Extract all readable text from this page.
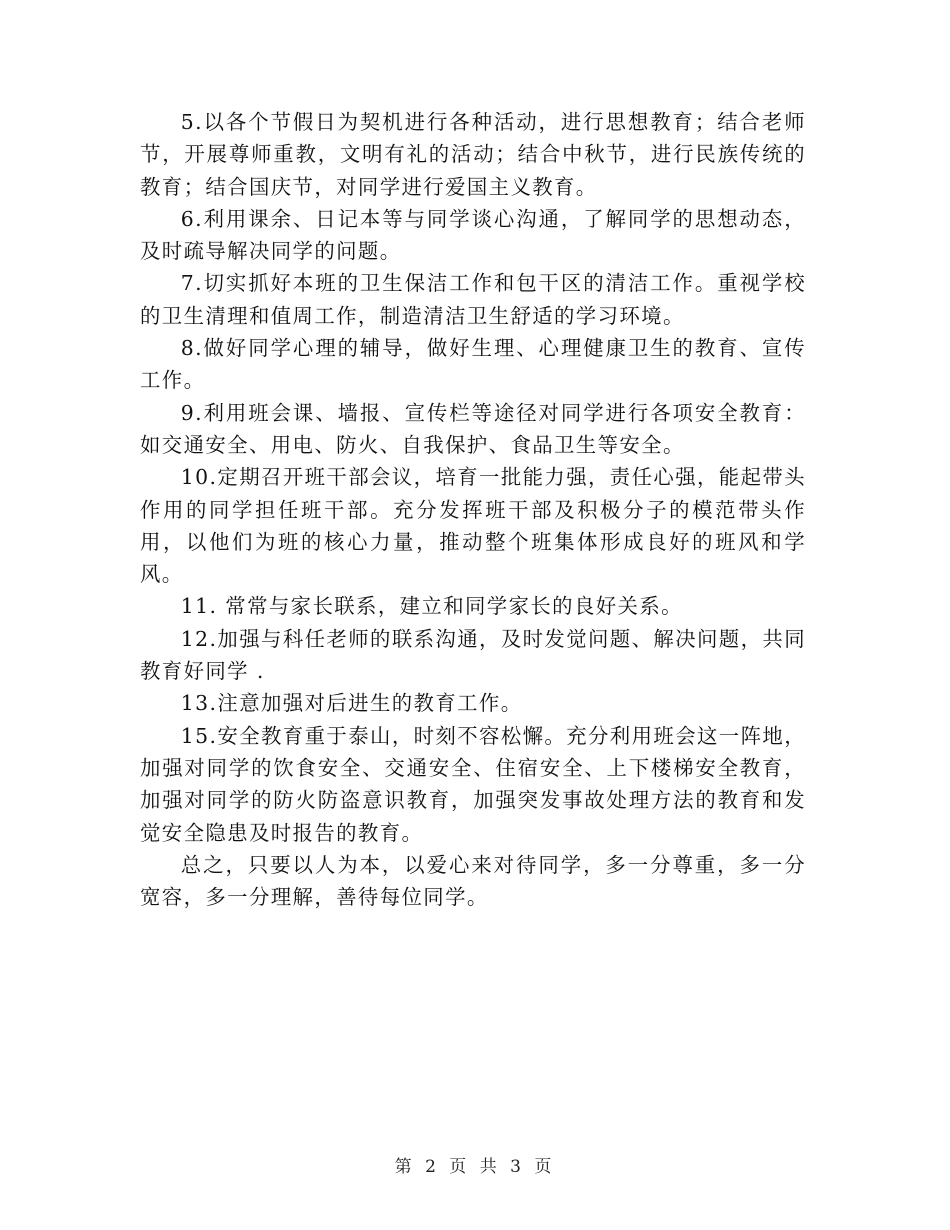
5.以各个节假日为契机进行各种活动，进行思想教育；结合老师节，开展尊师重教，文明有礼的活动；结合中秋节，进行民族传统的教育；结合国庆节，对同学进行爱国主义教育。

6.利用课余、日记本等与同学谈心沟通，了解同学的思想动态，及时疏导解决同学的问题。

7.切实抓好本班的卫生保洁工作和包干区的清洁工作。重视学校的卫生清理和值周工作，制造清洁卫生舒适的学习环境。

8.做好同学心理的辅导，做好生理、心理健康卫生的教育、宣传工作。

9.利用班会课、墙报、宣传栏等途径对同学进行各项安全教育：如交通安全、用电、防火、自我保护、食品卫生等安全。

10.定期召开班干部会议，培育一批能力强，责任心强，能起带头作用的同学担任班干部。充分发挥班干部及积极分子的模范带头作用，以他们为班的核心力量，推动整个班集体形成良好的班风和学风。

11. 常常与家长联系，建立和同学家长的良好关系。

12.加强与科任老师的联系沟通，及时发觉问题、解决问题，共同教育好同学 .

13.注意加强对后进生的教育工作。

15.安全教育重于泰山，时刻不容松懈。充分利用班会这一阵地，加强对同学的饮食安全、交通安全、住宿安全、上下楼梯安全教育，加强对同学的防火防盗意识教育，加强突发事故处理方法的教育和发觉安全隐患及时报告的教育。

总之，只要以人为本，以爱心来对待同学，多一分尊重，多一分宽容，多一分理解，善待每位同学。

第 2 页 共 3 页
